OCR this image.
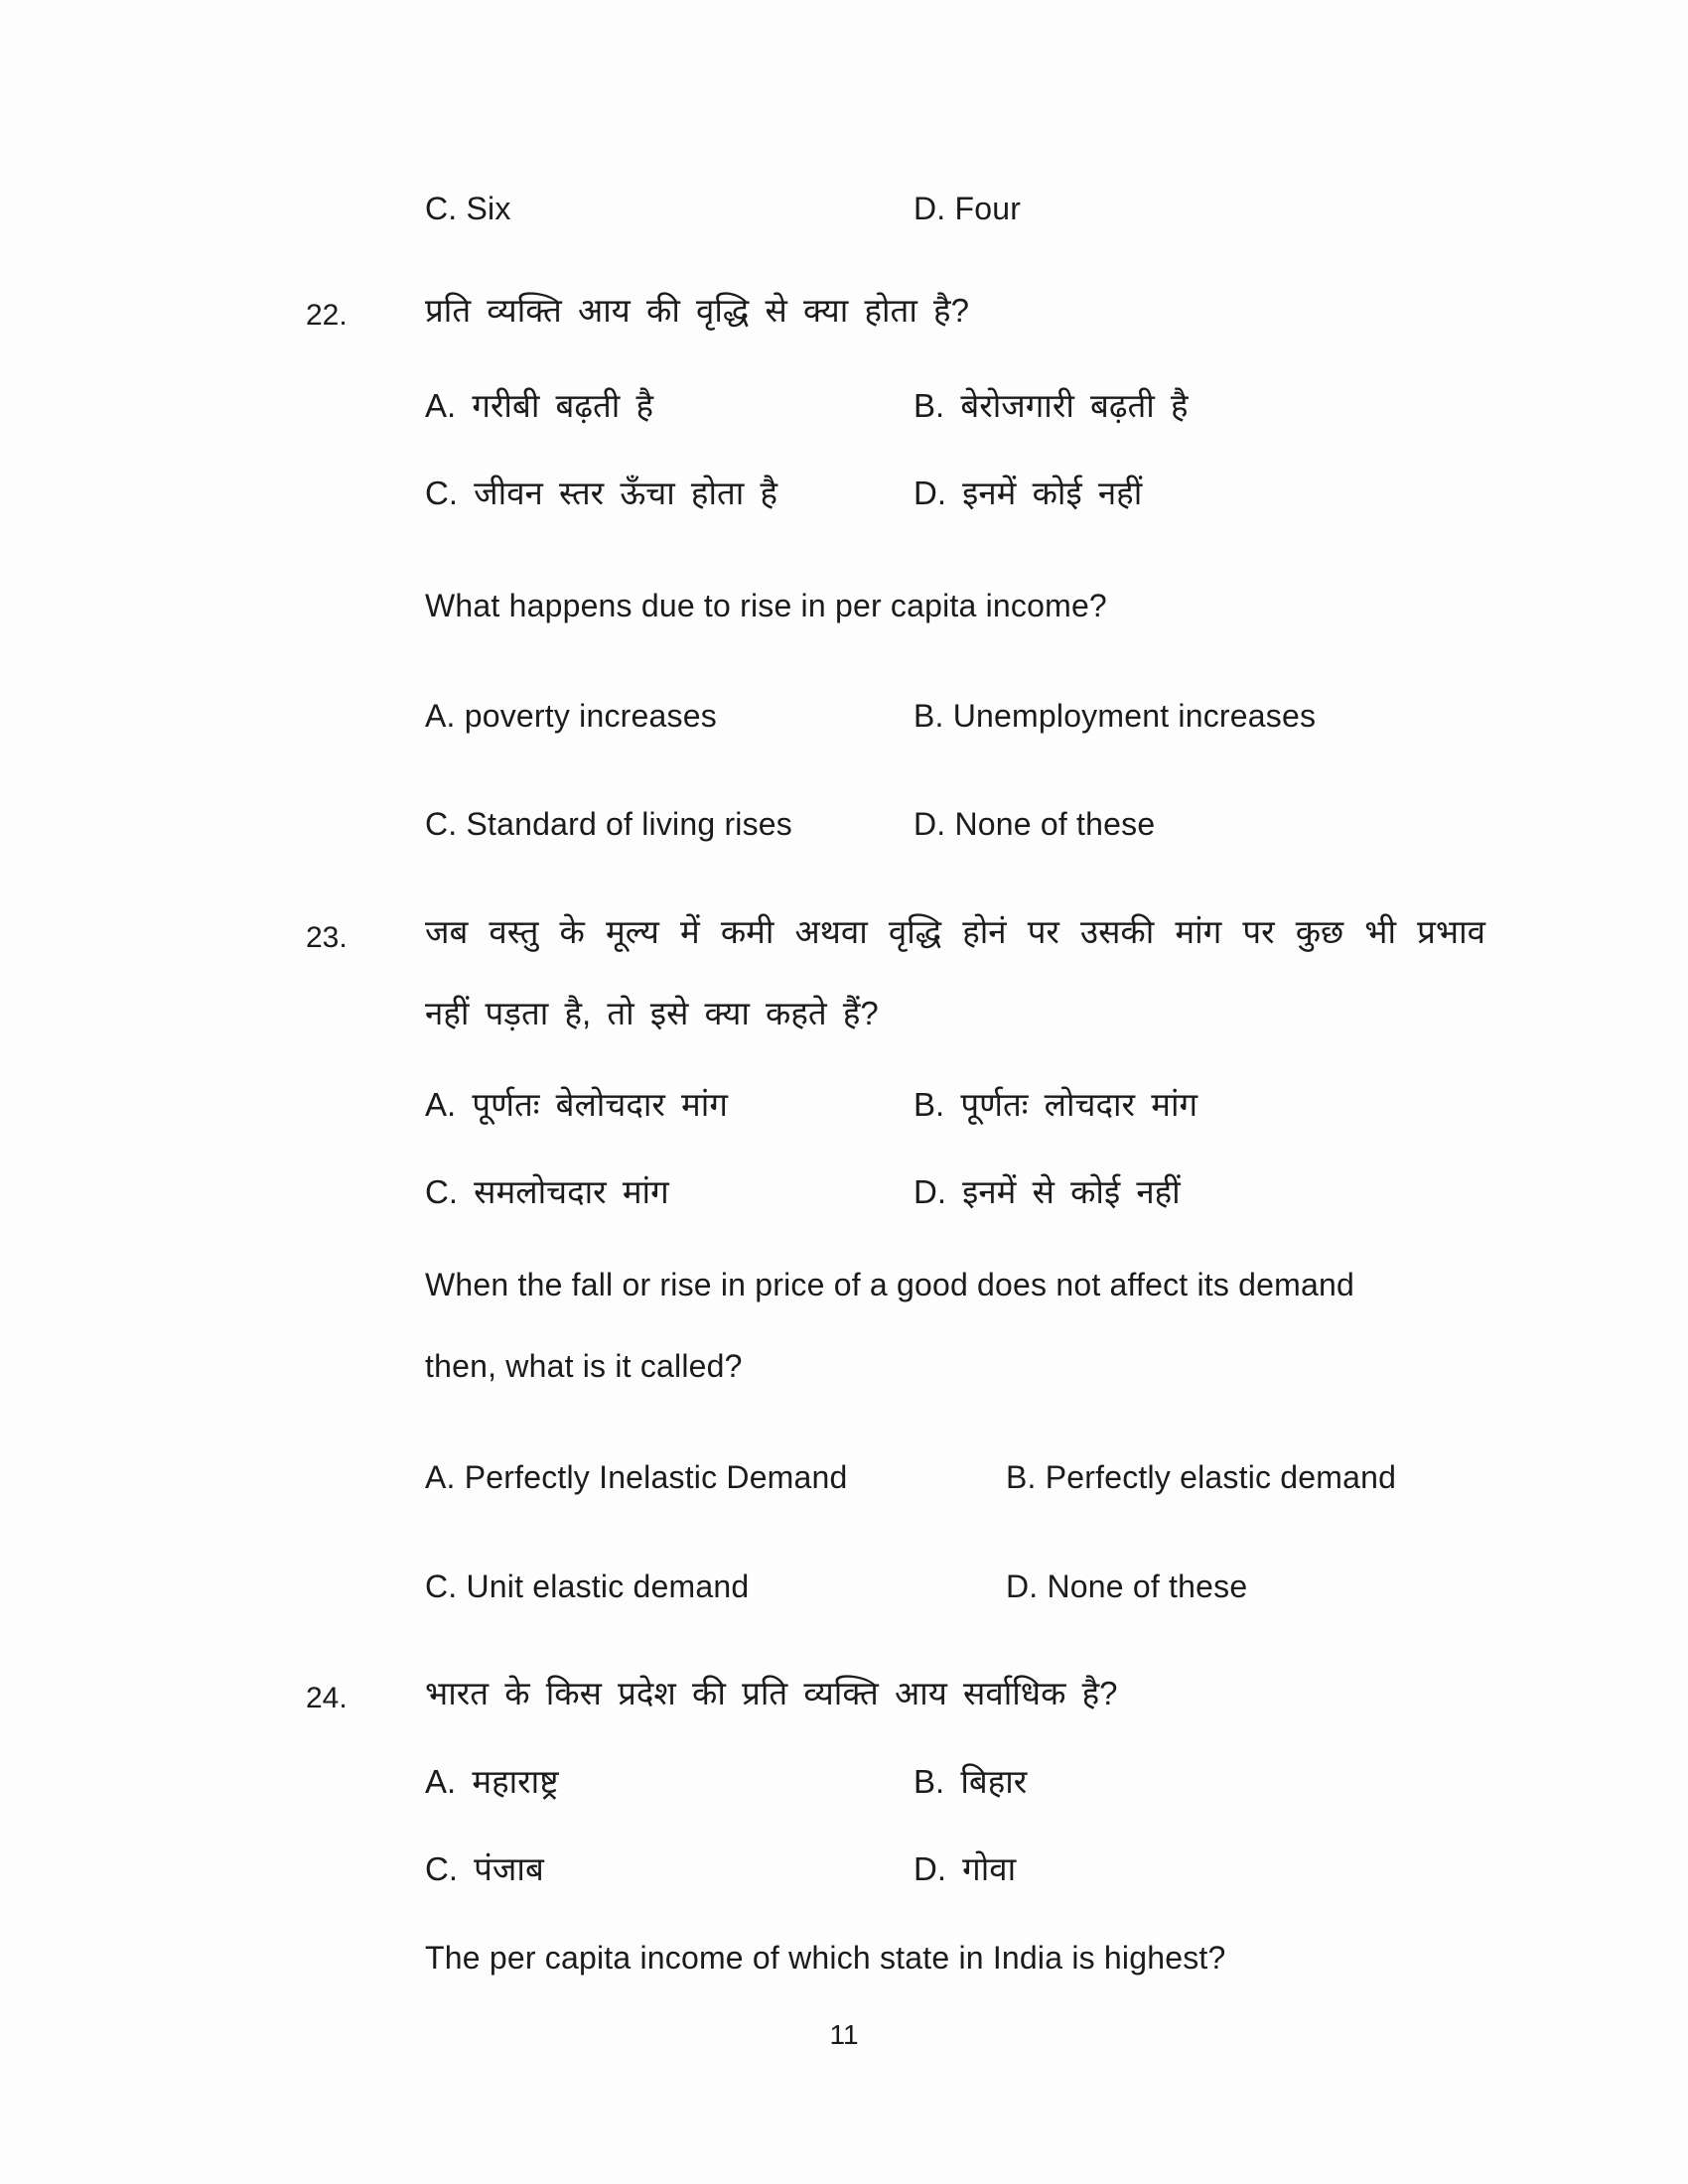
C. Six	D. Four
22. प्रति व्यक्ति आय की वृद्धि से क्या होता है?
A. गरीबी बढ़ती है	B. बेरोजगारी बढ़ती है
C. जीवन स्तर ऊँचा होता है	D. इनमें कोई नहीं
What happens due to rise in per capita income?
A. poverty increases	B. Unemployment increases
C. Standard of living rises	D. None of these
23. जब वस्तु के मूल्य में कमी अथवा वृद्धि होनं पर उसकी मांग पर कुछ भी प्रभाव
नहीं पड़ता है, तो इसे क्या कहते हैं?
A. पूर्णतः बेलोचदार मांग	B. पूर्णतः लोचदार मांग
C. समलोचदार मांग	D. इनमें से कोई नहीं
When the fall or rise in price of a good does not affect its demand
then, what is it called?
A. Perfectly Inelastic Demand	B. Perfectly elastic demand
C. Unit elastic demand	D. None of these
24. भारत के किस प्रदेश की प्रति व्यक्ति आय सर्वाधिक है?
A. महाराष्ट्र	B. बिहार
C. पंजाब	D. गोवा
The per capita income of which state in India is highest?
11
